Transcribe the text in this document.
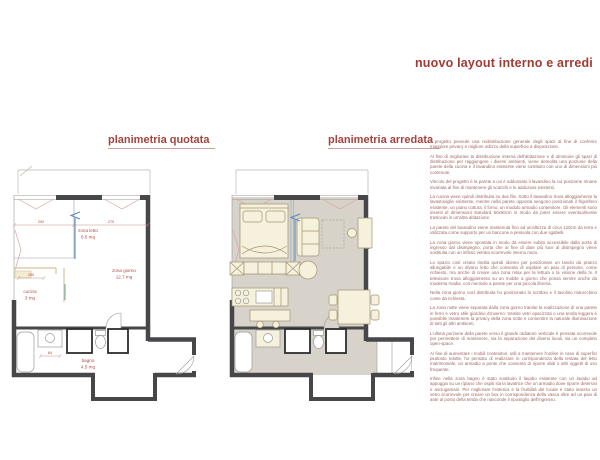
nuovo layout interno e arredi
planimetria quotata	planimetria arredata
292	279
200
84
zona letto
6.5 mq
zona giorno
12.7 mq
cucina
3 mq
bagno
4.5 mq

Il progetto prevede una redistribuzione generale degli spazi al fine di conferire maggiore privacy e migliore utilizzo della superficie a disposizione.

Al fine di migliorare la distribuzione interna dell'abitazione e di diminuire gli spazi di distribuzione per raggiungere i diversi ambienti, viene demolita una porzione della parete della cucina e il lavandino esistente viene sostituito con uno di dimensioni più contenute.

Vincolo del progetto è la parete a cui è addossato il lavandino la cui posizione rimane invariata al fine di mantenere gli scarichi e le adduzioni esistenti.

La cucina viene quindi distribuita su due file. Sotto il lavandino trova alloggiamento la lavastoviglie esistente, mentre nella parete opposta vengono posizionati il frigorifero esistente, un piano cottura, il forno, un modulo armadio contenitore. Gli elementi sono inseriti di dimensioni standard 60x60cm in modo da poter essere eventualmente traslocati in un'altra abitazione.

La parete del lavandino viene mantenuta fino ad un'altezza di circa 120cm da terra e utilizzata come supporto per un bancone a penisola con due sgabelli.

La zona giorno viene spostata in modo da essere subito accessibile dalla porta di ingresso dal disimpegno, porta che al fine di dare più luce al disimpegno viene sostituita con un infisso vetrato scorrevole interno muro.

Lo spazio così creato risulta quindi idoneo per posizionare un tavolo da pranzo allungabile e un divano letto che consenta di ospitare un paio di persone, come richiesto, ma anche di creare una zona relax per la lettura o la visione della tv. Il televisore trova alloggiamento su un mobile a giorno che possa servire anche da moderna madia, con mensole a parete per una piccola libreria.

Nella zona giorno così distribuita ho posizionato lo scrittoio e il tavolino marocchino come da richiesta.

La zona notte viene separata dalla zona giorno tramite la realizzazione di una parete in ferro e vetro stile giardino d'inverno: tramite vetri opacizzati o una tenda leggera è possibile mantenere la privacy della zona notte e consentire la naturale illuminazione di tutti gli altri ambienti.

L'ultima porzione della parete verso il grande radiatore verticale è pensata scorrevole per permettere di mantenere, sia la separazione dei diversi locali, sia un completo open-space.

Al fine di aumentare i mobili contenitori, utili a mantenere l'ordine in caso di superfici piuttosto ridotte, ho pensato di realizzare in corrispondenza della testata del letto matrimoniale, un armadio a ponte che consenta di riporre abiti o altri oggetti di uso frequente.

Infine nella zona bagno è stato sostituito il lavabo esistente con un lavabo ad appoggio su un ripiano che ospiti sia la lavatrice che un armadio dove riporre detersivi e asciugamani. Per migliorare l'estetica e la fruibilità del locale è stato inserito un vetro scorrevole per creare un box in corrispondenza della vasca oltre ad un paio di ante al posto della tenda che nasconde il ripostiglio dell'ingresso.
